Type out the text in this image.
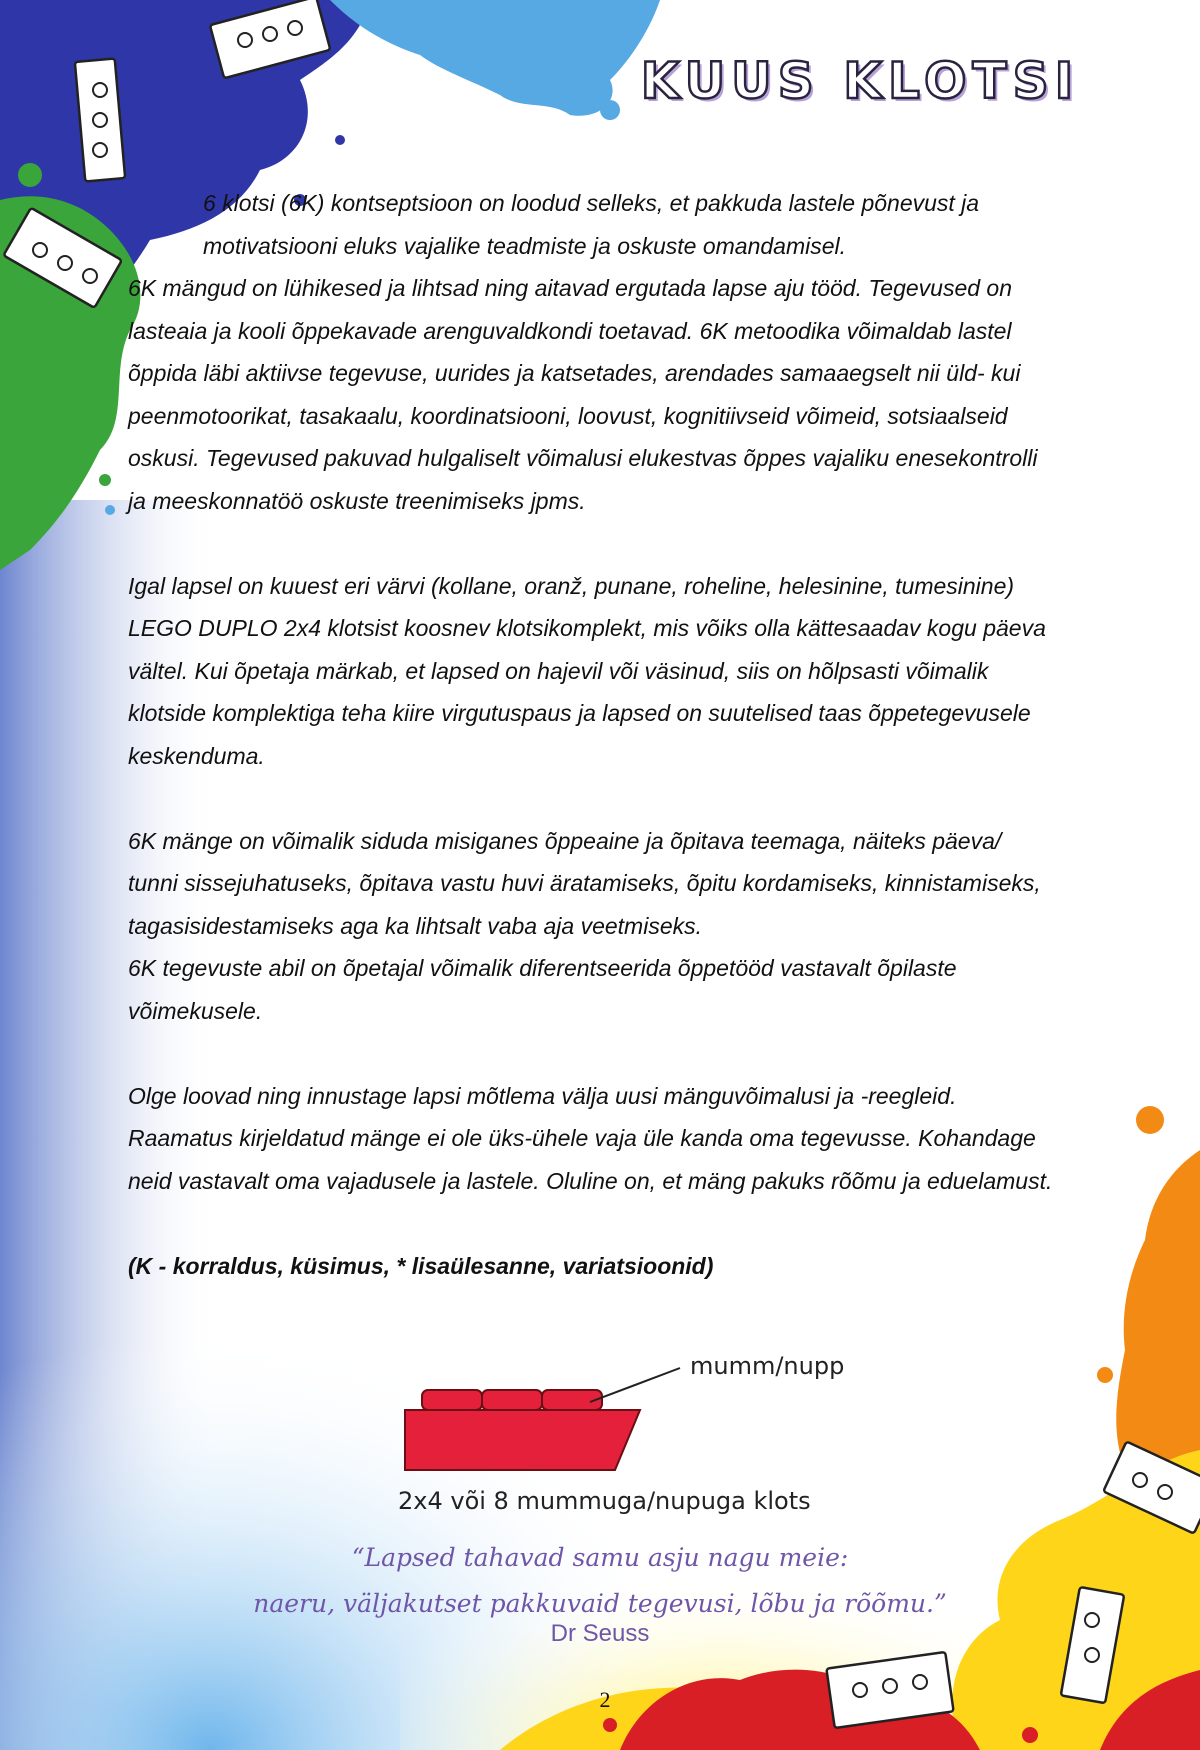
KUUS KLOTSI

6 klotsi (6K) kontseptsioon on loodud selleks, et pakkuda lastele põnevust ja

motivatsiooni eluks vajalike teadmiste ja oskuste omandamisel.

6K mängud on lühikesed ja lihtsad ning aitavad ergutada lapse aju tööd. Tegevused on

lasteaia ja kooli õppekavade arenguvaldkondi toetavad. 6K metoodika võimaldab lastel

õppida läbi aktiivse tegevuse, uurides ja katsetades, arendades samaaegselt nii üld- kui

peenmotoorikat, tasakaalu, koordinatsiooni, loovust, kognitiivseid võimeid, sotsiaalseid

oskusi. Tegevused pakuvad hulgaliselt võimalusi elukestvas õppes vajaliku enesekontrolli

ja meeskonnatöö oskuste treenimiseks jpms.

Igal lapsel on kuuest eri värvi (kollane, oranž, punane, roheline, helesinine, tumesinine)

LEGO DUPLO 2x4 klotsist koosnev klotsikomplekt, mis võiks olla kättesaadav kogu päeva

vältel. Kui õpetaja märkab, et lapsed on hajevil või väsinud, siis on hõlpsasti võimalik

klotside komplektiga teha kiire virgutuspaus ja lapsed on suutelised taas õppetegevusele

keskenduma.

6K mänge on võimalik siduda misiganes õppeaine ja õpitava teemaga, näiteks päeva/

tunni sissejuhatuseks, õpitava vastu huvi äratamiseks, õpitu kordamiseks, kinnistamiseks,

tagasisidestamiseks aga ka lihtsalt vaba aja veetmiseks.

6K tegevuste abil on õpetajal võimalik diferentseerida õppetööd vastavalt õpilaste

võimekusele.

Olge loovad ning innustage lapsi mõtlema välja uusi mänguvõimalusi ja -reegleid.

Raamatus kirjeldatud mänge ei ole üks-ühele vaja üle kanda oma tegevusse. Kohandage

neid vastavalt oma vajadusele ja lastele. Oluline on, et mäng pakuks rõõmu ja eduelamust.

(K - korraldus, küsimus, * lisaülesanne, variatsioonid)

mumm/nupp
2x4 või 8 mummuga/nupuga klots
“Lapsed tahavad samu asju nagu meie:
naeru, väljakutset pakkuvaid tegevusi, lõbu ja rõõmu.”
Dr Seuss
2
